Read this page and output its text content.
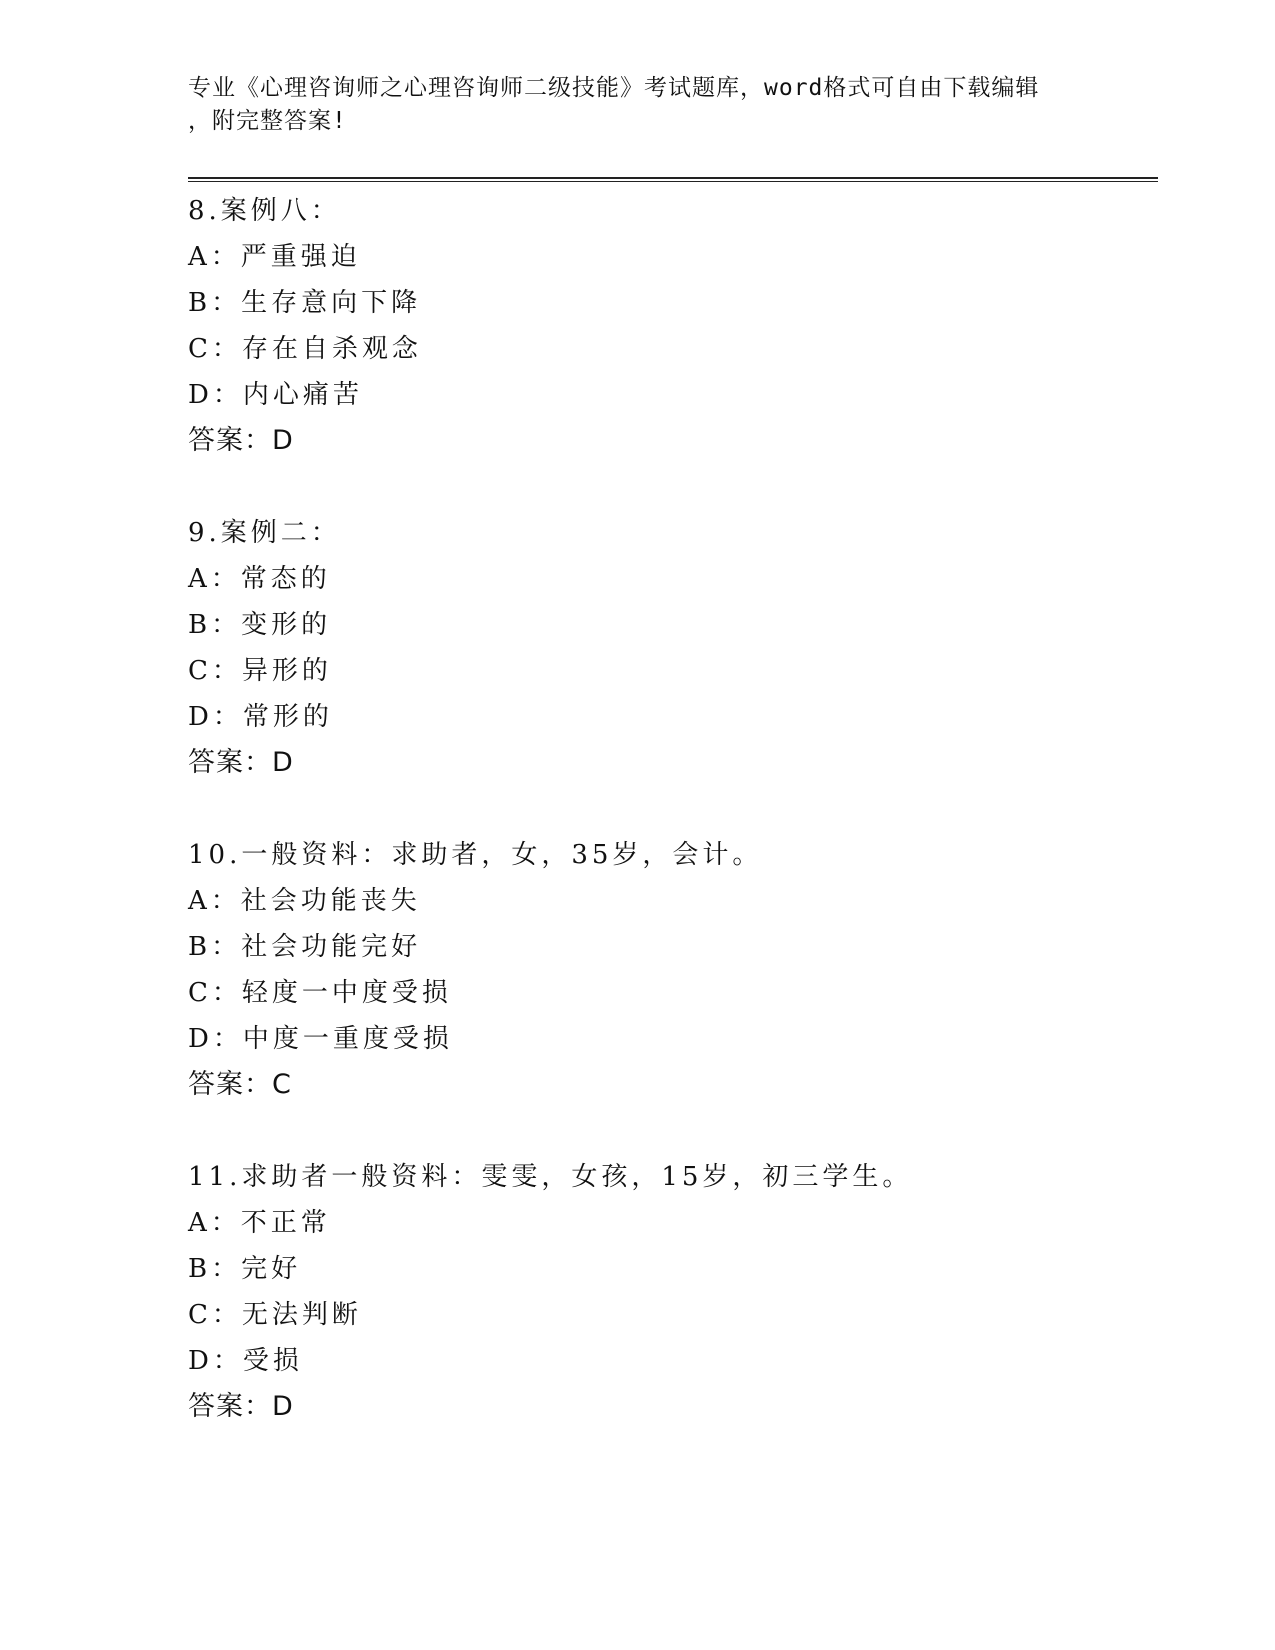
专业《心理咨询师之心理咨询师二级技能》考试题库，word格式可自由下载编辑
，附完整答案!
8.案例八：
A：严重强迫
B：生存意向下降
C：存在自杀观念
D：内心痛苦
答案：D
9.案例二：
A：常态的
B：变形的
C：异形的
D：常形的
答案：D
10.一般资料：求助者，女，35岁，会计。
A：社会功能丧失
B：社会功能完好
C：轻度一中度受损
D：中度一重度受损
答案：C
11.求助者一般资料：雯雯，女孩，15岁，初三学生。
A：不正常
B：完好
C：无法判断
D：受损
答案：D
